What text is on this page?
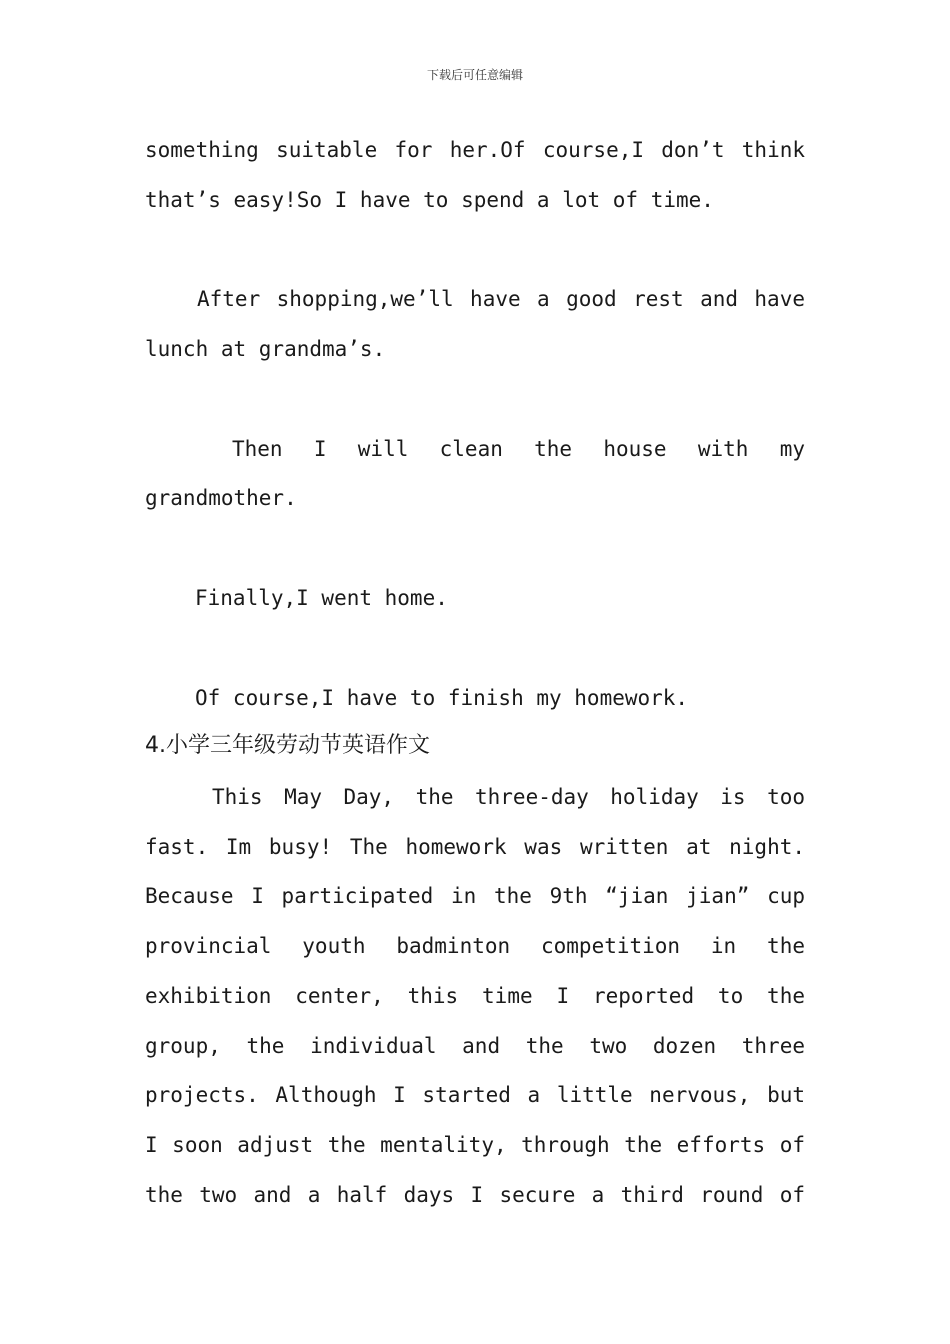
下载后可任意编辑
something suitable for her.Of course,I don’t think
that’s easy!So I have to spend a lot of time.
After shopping,we’ll have a good rest and have
lunch at grandma’s.
Then I will clean the house with my
grandmother.
Finally,I went home.
Of course,I have to finish my homework.
4.小学三年级劳动节英语作文
This May Day, the three-day holiday is too
fast. Im busy! The homework was written at night.
Because I participated in the 9th “jian jian” cup
provincial youth badminton competition in the
exhibition center, this time I reported to the
group, the individual and the two dozen three
projects. Although I started a little nervous, but
I soon adjust the mentality, through the efforts of
the two and a half days I secure a third round of
